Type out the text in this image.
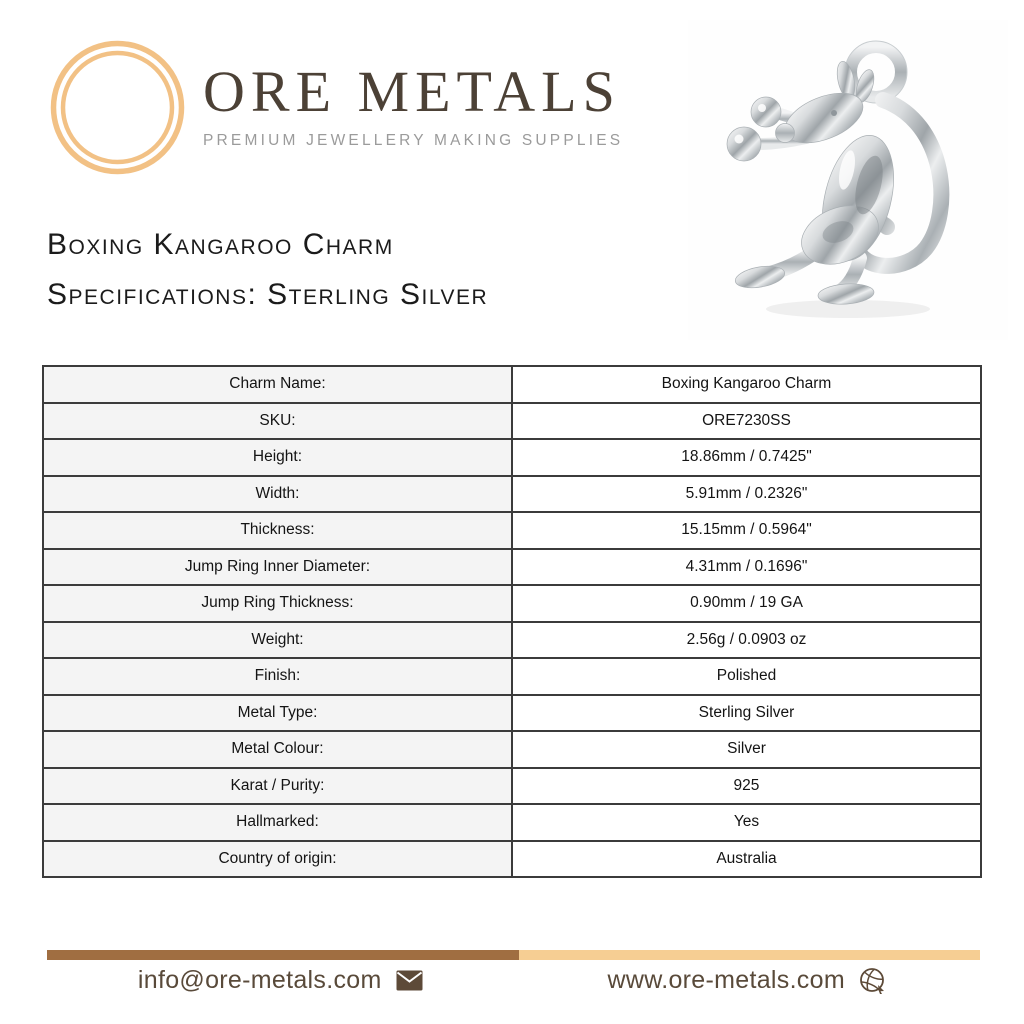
ORE METALS
PREMIUM JEWELLERY MAKING SUPPLIES
Boxing Kangaroo Charm
Specifications: Sterling Silver
Charm Name:	Boxing Kangaroo Charm
SKU:	ORE7230SS
Height:	18.86mm / 0.7425"
Width:	5.91mm / 0.2326"
Thickness:	15.15mm / 0.5964"
Jump Ring Inner Diameter:	4.31mm / 0.1696"
Jump Ring Thickness:	0.90mm / 19 GA
Weight:	2.56g / 0.0903 oz
Finish:	Polished
Metal Type:	Sterling Silver
Metal Colour:	Silver
Karat / Purity:	925
Hallmarked:	Yes
Country of origin:	Australia
info@ore-metals.com	www.ore-metals.com
